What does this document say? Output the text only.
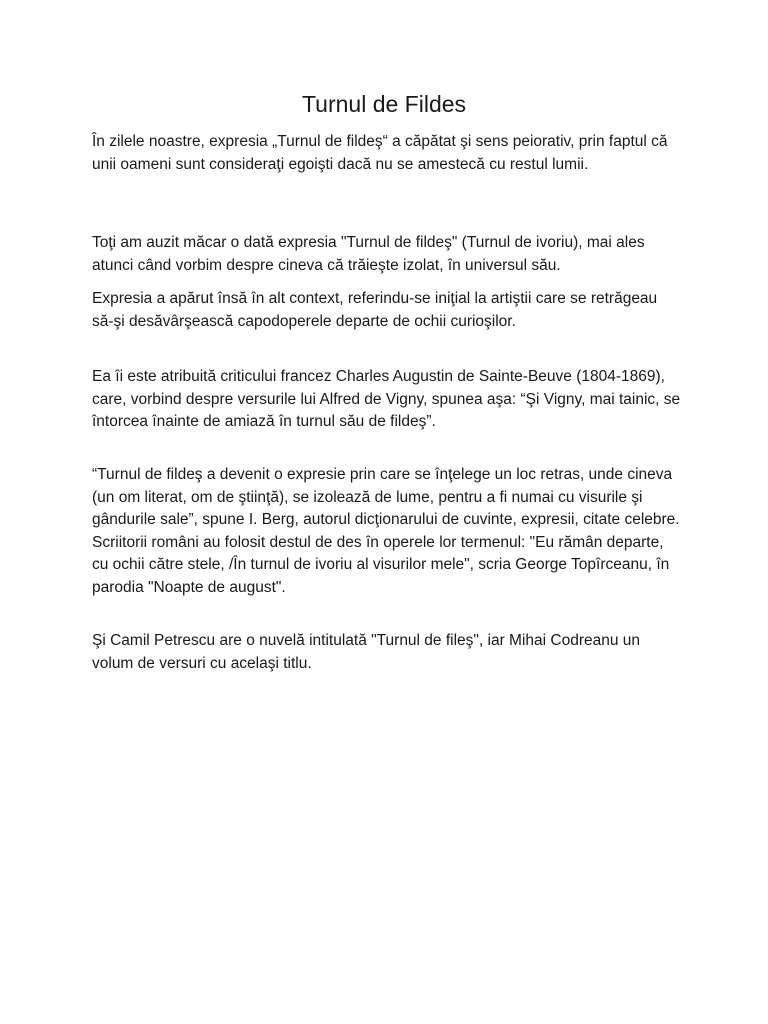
Turnul de Fildes

În zilele noastre, expresia „Turnul de fildeş“ a căpătat şi sens peiorativ, prin faptul că unii oameni sunt consideraţi egoişti dacă nu se amestecă cu restul lumii.

Toţi am auzit măcar o dată expresia "Turnul de fildeş" (Turnul de ivoriu), mai ales atunci când vorbim despre cineva că trăieşte izolat, în universul său.

Expresia a apărut însă în alt context, referindu-se iniţial la artiştii care se retrăgeau să-şi desăvârşească capodoperele departe de ochii curioşilor.

Ea îi este atribuită criticului francez Charles Augustin de Sainte-Beuve (1804-1869), care, vorbind despre versurile lui Alfred de Vigny, spunea aşa: “Şi Vigny, mai tainic, se întorcea înainte de amiază în turnul său de fildeş”.

“Turnul de fildeş a devenit o expresie prin care se înţelege un loc retras, unde cineva (un om literat, om de ştiinţă), se izolează de lume, pentru a fi numai cu visurile şi gândurile sale”, spune I. Berg, autorul dicţionarului de cuvinte, expresii, citate celebre. Scriitorii români au folosit destul de des în operele lor termenul: "Eu rămân departe, cu ochii către stele, /În turnul de ivoriu al visurilor mele", scria George Topîrceanu, în parodia "Noapte de august".

Şi Camil Petrescu are o nuvelă intitulată "Turnul de fileş", iar Mihai Codreanu un volum de versuri cu acelaşi titlu.
